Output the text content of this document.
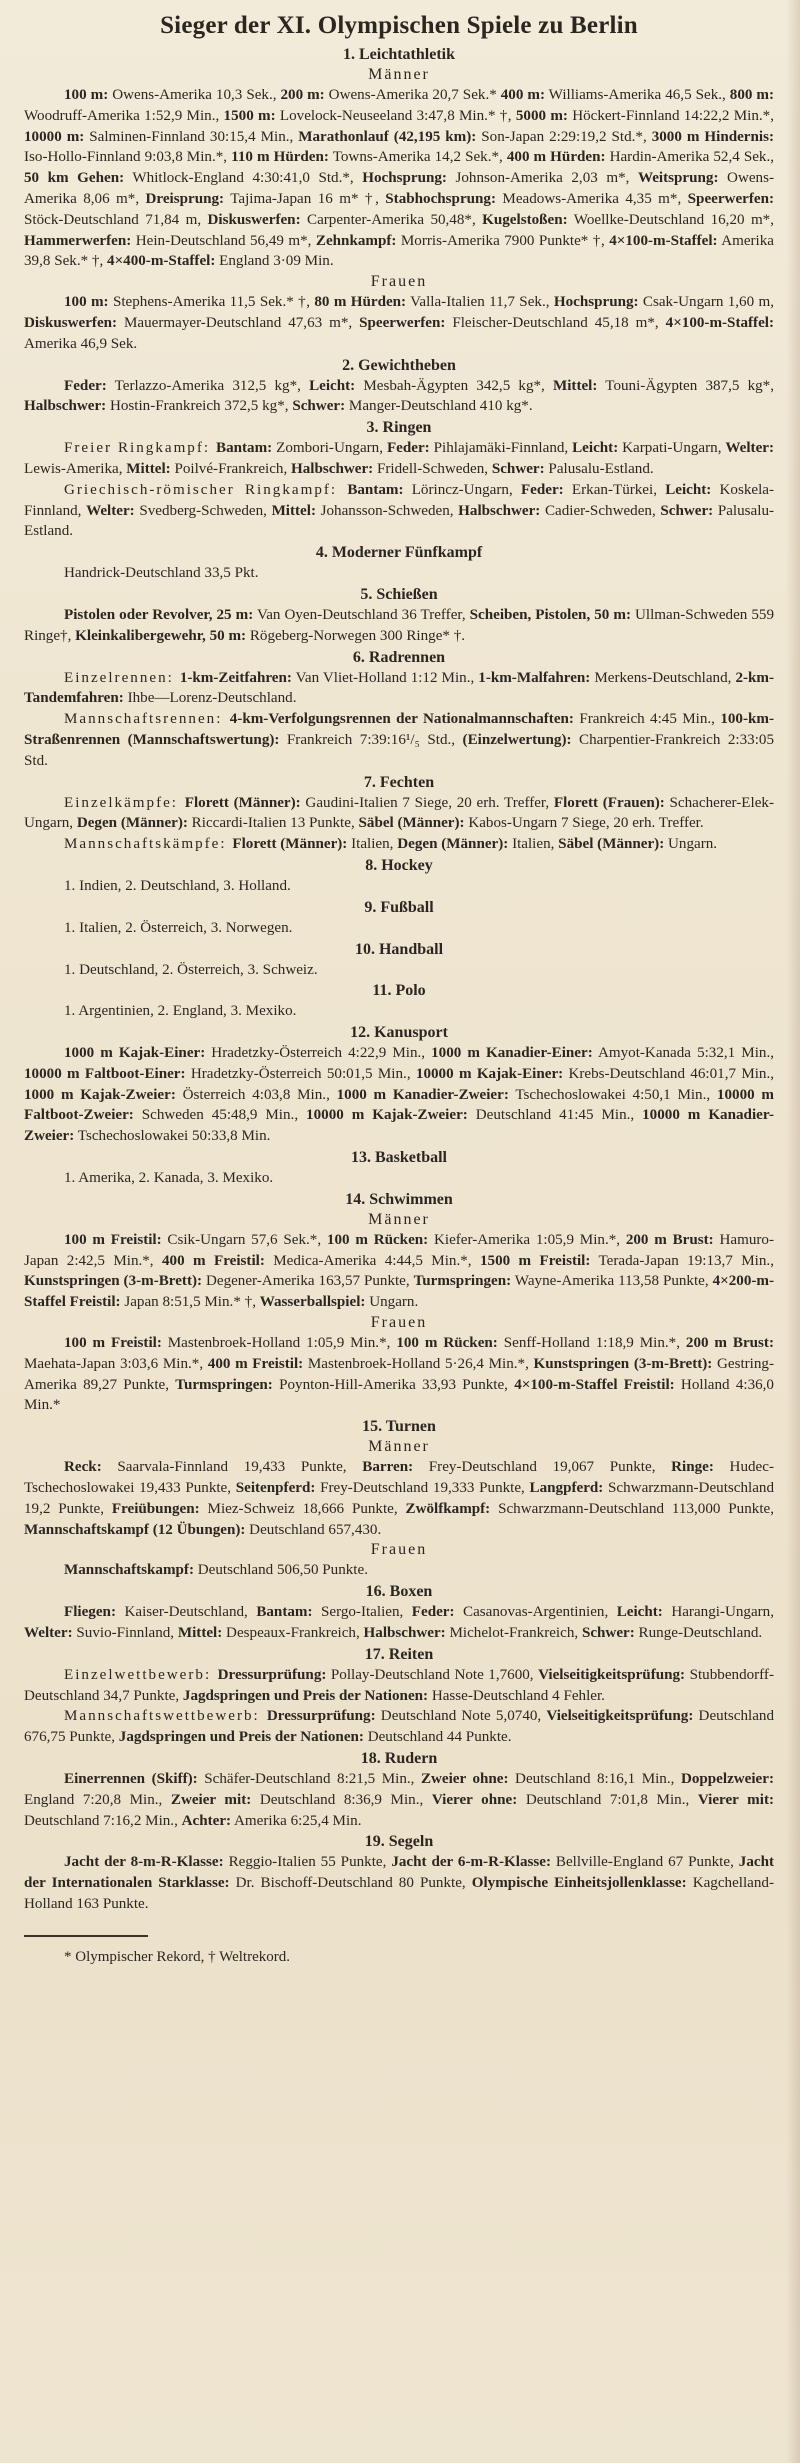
Sieger der XI. Olympischen Spiele zu Berlin
1. Leichtathletik
Männer

100 m: Owens-Amerika 10,3 Sek., 200 m: Owens-Amerika 20,7 Sek.* 400 m: Williams-Amerika 46,5 Sek., 800 m: Woodruff-Amerika 1:52,9 Min., 1500 m: Lovelock-Neuseeland 3:47,8 Min.* †, 5000 m: Höckert-Finnland 14:22,2 Min.*, 10000 m: Salminen-Finnland 30:15,4 Min., Marathonlauf (42,195 km): Son-Japan 2:29:19,2 Std.*, 3000 m Hindernis: Iso-Hollo-Finnland 9:03,8 Min.*, 110 m Hürden: Towns-Amerika 14,2 Sek.*, 400 m Hürden: Hardin-Amerika 52,4 Sek., 50 km Gehen: Whitlock-England 4:30:41,0 Std.*, Hochsprung: Johnson-Amerika 2,03 m*, Weitsprung: Owens-Amerika 8,06 m*, Dreisprung: Tajima-Japan 16 m* †, Stabhochsprung: Meadows-Amerika 4,35 m*, Speerwerfen: Stöck-Deutschland 71,84 m, Diskuswerfen: Carpenter-Amerika 50,48*, Kugelstoßen: Woellke-Deutschland 16,20 m*, Hammerwerfen: Hein-Deutschland 56,49 m*, Zehnkampf: Morris-Amerika 7900 Punkte* †, 4×100-m-Staffel: Amerika 39,8 Sek.* †, 4×400-m-Staffel: England 3·09 Min.

Frauen

100 m: Stephens-Amerika 11,5 Sek.* †, 80 m Hürden: Valla-Italien 11,7 Sek., Hochsprung: Csak-Ungarn 1,60 m, Diskuswerfen: Mauermayer-Deutschland 47,63 m*, Speerwerfen: Fleischer-Deutschland 45,18 m*, 4×100-m-Staffel: Amerika 46,9 Sek.

2. Gewichtheben

Feder: Terlazzo-Amerika 312,5 kg*, Leicht: Mesbah-Ägypten 342,5 kg*, Mittel: Touni-Ägypten 387,5 kg*, Halbschwer: Hostin-Frankreich 372,5 kg*, Schwer: Manger-Deutschland 410 kg*.

3. Ringen

Freier Ringkampf: Bantam: Zombori-Ungarn, Feder: Pihlajamäki-Finnland, Leicht: Karpati-Ungarn, Welter: Lewis-Amerika, Mittel: Poilvé-Frankreich, Halbschwer: Fridell-Schweden, Schwer: Palusalu-Estland.

Griechisch-römischer Ringkampf: Bantam: Lörincz-Ungarn, Feder: Erkan-Türkei, Leicht: Koskela-Finnland, Welter: Svedberg-Schweden, Mittel: Johansson-Schweden, Halbschwer: Cadier-Schweden, Schwer: Palusalu-Estland.

4. Moderner Fünfkampf

Handrick-Deutschland 33,5 Pkt.

5. Schießen

Pistolen oder Revolver, 25 m: Van Oyen-Deutschland 36 Treffer, Scheiben, Pistolen, 50 m: Ullman-Schweden 559 Ringe†, Kleinkalibergewehr, 50 m: Rögeberg-Norwegen 300 Ringe* †.

6. Radrennen

Einzelrennen: 1-km-Zeitfahren: Van Vliet-Holland 1:12 Min., 1-km-Malfahren: Merkens-Deutschland, 2-km-Tandemfahren: Ihbe—Lorenz-Deutschland.

Mannschaftsrennen: 4-km-Verfolgungsrennen der Nationalmannschaften: Frankreich 4:45 Min., 100-km-Straßenrennen (Mannschaftswertung): Frankreich 7:39:16¹/₅ Std., (Einzelwertung): Charpentier-Frankreich 2:33:05 Std.

7. Fechten

Einzelkämpfe: Florett (Männer): Gaudini-Italien 7 Siege, 20 erh. Treffer, Florett (Frauen): Schacherer-Elek-Ungarn, Degen (Männer): Riccardi-Italien 13 Punkte, Säbel (Männer): Kabos-Ungarn 7 Siege, 20 erh. Treffer.

Mannschaftskämpfe: Florett (Männer): Italien, Degen (Männer): Italien, Säbel (Männer): Ungarn.

8. Hockey

1. Indien, 2. Deutschland, 3. Holland.

9. Fußball

1. Italien, 2. Österreich, 3. Norwegen.

10. Handball

1. Deutschland, 2. Österreich, 3. Schweiz.

11. Polo

1. Argentinien, 2. England, 3. Mexiko.

12. Kanusport

1000 m Kajak-Einer: Hradetzky-Österreich 4:22,9 Min., 1000 m Kanadier-Einer: Amyot-Kanada 5:32,1 Min., 10000 m Faltboot-Einer: Hradetzky-Österreich 50:01,5 Min., 10000 m Kajak-Einer: Krebs-Deutschland 46:01,7 Min., 1000 m Kajak-Zweier: Österreich 4:03,8 Min., 1000 m Kanadier-Zweier: Tschechoslowakei 4:50,1 Min., 10000 m Faltboot-Zweier: Schweden 45:48,9 Min., 10000 m Kajak-Zweier: Deutschland 41:45 Min., 10000 m Kanadier-Zweier: Tschechoslowakei 50:33,8 Min.

13. Basketball

1. Amerika, 2. Kanada, 3. Mexiko.

14. Schwimmen
Männer

100 m Freistil: Csik-Ungarn 57,6 Sek.*, 100 m Rücken: Kiefer-Amerika 1:05,9 Min.*, 200 m Brust: Hamuro-Japan 2:42,5 Min.*, 400 m Freistil: Medica-Amerika 4:44,5 Min.*, 1500 m Freistil: Terada-Japan 19:13,7 Min., Kunstspringen (3-m-Brett): Degener-Amerika 163,57 Punkte, Turmspringen: Wayne-Amerika 113,58 Punkte, 4×200-m-Staffel Freistil: Japan 8:51,5 Min.* †, Wasserballspiel: Ungarn.

Frauen

100 m Freistil: Mastenbroek-Holland 1:05,9 Min.*, 100 m Rücken: Senff-Holland 1:18,9 Min.*, 200 m Brust: Maehata-Japan 3:03,6 Min.*, 400 m Freistil: Mastenbroek-Holland 5·26,4 Min.*, Kunstspringen (3-m-Brett): Gestring-Amerika 89,27 Punkte, Turmspringen: Poynton-Hill-Amerika 33,93 Punkte, 4×100-m-Staffel Freistil: Holland 4:36,0 Min.*

15. Turnen
Männer

Reck: Saarvala-Finnland 19,433 Punkte, Barren: Frey-Deutschland 19,067 Punkte, Ringe: Hudec-Tschechoslowakei 19,433 Punkte, Seitenpferd: Frey-Deutschland 19,333 Punkte, Langpferd: Schwarzmann-Deutschland 19,2 Punkte, Freiübungen: Miez-Schweiz 18,666 Punkte, Zwölfkampf: Schwarzmann-Deutschland 113,000 Punkte, Mannschaftskampf (12 Übungen): Deutschland 657,430.

Frauen

Mannschaftskampf: Deutschland 506,50 Punkte.

16. Boxen

Fliegen: Kaiser-Deutschland, Bantam: Sergo-Italien, Feder: Casanovas-Argentinien, Leicht: Harangi-Ungarn, Welter: Suvio-Finnland, Mittel: Despeaux-Frankreich, Halbschwer: Michelot-Frankreich, Schwer: Runge-Deutschland.

17. Reiten

Einzelwettbewerb: Dressurprüfung: Pollay-Deutschland Note 1,7600, Vielseitigkeitsprüfung: Stubbendorff-Deutschland 34,7 Punkte, Jagdspringen und Preis der Nationen: Hasse-Deutschland 4 Fehler.

Mannschaftswettbewerb: Dressurprüfung: Deutschland Note 5,0740, Vielseitigkeitsprüfung: Deutschland 676,75 Punkte, Jagdspringen und Preis der Nationen: Deutschland 44 Punkte.

18. Rudern

Einerrennen (Skiff): Schäfer-Deutschland 8:21,5 Min., Zweier ohne: Deutschland 8:16,1 Min., Doppelzweier: England 7:20,8 Min., Zweier mit: Deutschland 8:36,9 Min., Vierer ohne: Deutschland 7:01,8 Min., Vierer mit: Deutschland 7:16,2 Min., Achter: Amerika 6:25,4 Min.

19. Segeln

Jacht der 8-m-R-Klasse: Reggio-Italien 55 Punkte, Jacht der 6-m-R-Klasse: Bellville-England 67 Punkte, Jacht der Internationalen Starklasse: Dr. Bischoff-Deutschland 80 Punkte, Olympische Einheitsjollenklasse: Kagchelland-Holland 163 Punkte.

* Olympischer Rekord, † Weltrekord.
